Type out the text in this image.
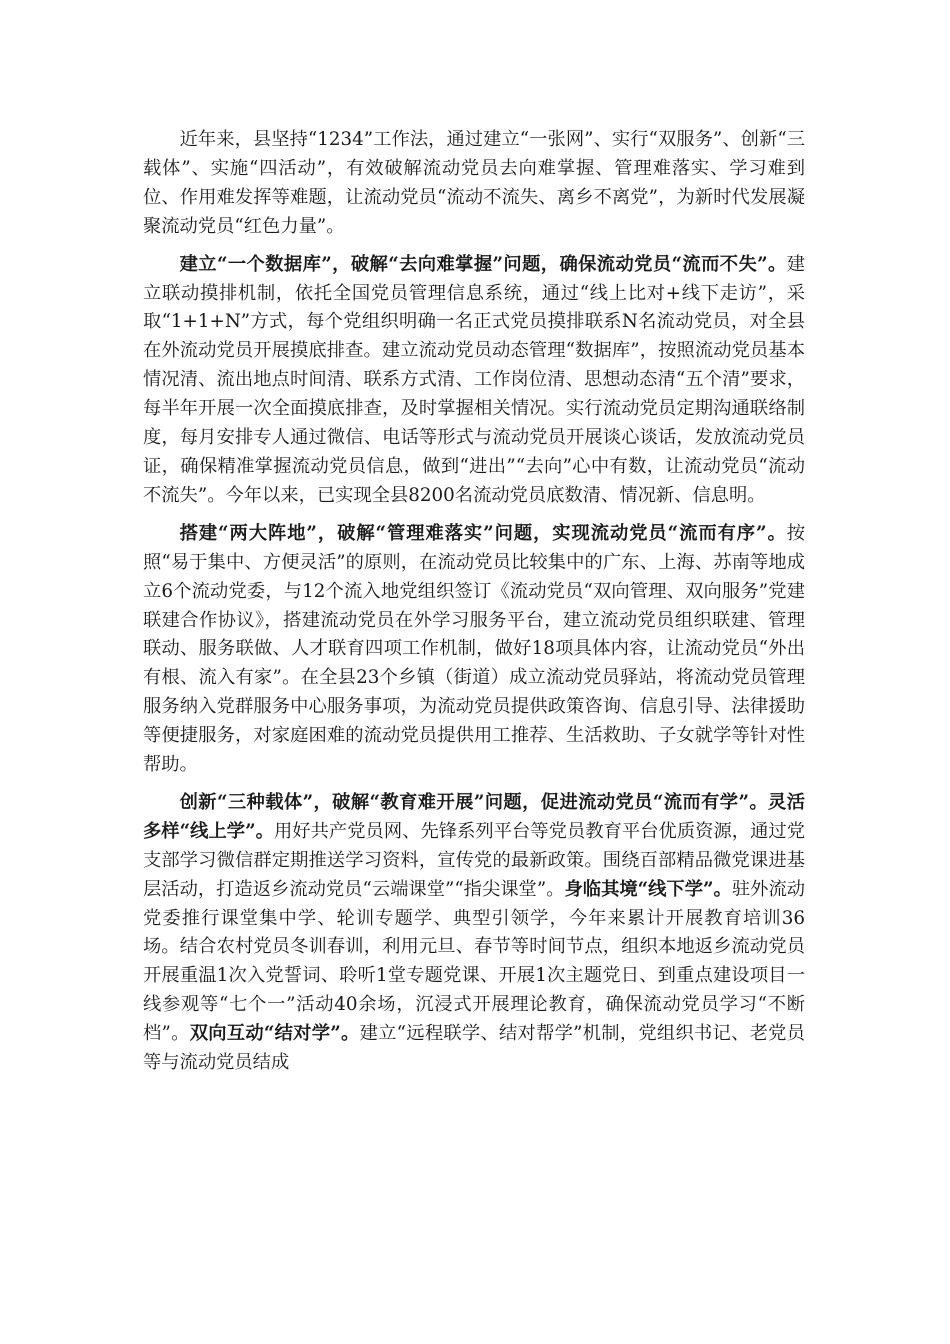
近年来，县坚持“1234”工作法，通过建立“一张网”、实行“双服务”、创新“三载体”、实施“四活动”，有效破解流动党员去向难掌握、管理难落实、学习难到位、作用难发挥等难题，让流动党员“流动不流失、离乡不离党”，为新时代发展凝聚流动党员“红色力量”。

建立“一个数据库”，破解“去向难掌握”问题，确保流动党员“流而不失”。建立联动摸排机制，依托全国党员管理信息系统，通过“线上比对+线下走访”，采取“1+1+N”方式，每个党组织明确一名正式党员摸排联系N名流动党员，对全县在外流动党员开展摸底排查。建立流动党员动态管理“数据库”，按照流动党员基本情况清、流出地点时间清、联系方式清、工作岗位清、思想动态清“五个清”要求，每半年开展一次全面摸底排查，及时掌握相关情况。实行流动党员定期沟通联络制度，每月安排专人通过微信、电话等形式与流动党员开展谈心谈话，发放流动党员证，确保精准掌握流动党员信息，做到“进出”“去向”心中有数，让流动党员“流动不流失”。今年以来，已实现全县8200名流动党员底数清、情况新、信息明。

搭建“两大阵地”，破解“管理难落实”问题，实现流动党员“流而有序”。按照“易于集中、方便灵活”的原则，在流动党员比较集中的广东、上海、苏南等地成立6个流动党委，与12个流入地党组织签订《流动党员“双向管理、双向服务”党建联建合作协议》，搭建流动党员在外学习服务平台，建立流动党员组织联建、管理联动、服务联做、人才联育四项工作机制，做好18项具体内容，让流动党员“外出有根、流入有家”。在全县23个乡镇（街道）成立流动党员驿站，将流动党员管理服务纳入党群服务中心服务事项，为流动党员提供政策咨询、信息引导、法律援助等便捷服务，对家庭困难的流动党员提供用工推荐、生活救助、子女就学等针对性帮助。

创新“三种载体”，破解“教育难开展”问题，促进流动党员“流而有学”。灵活多样“线上学”。用好共产党员网、先锋系列平台等党员教育平台优质资源，通过党支部学习微信群定期推送学习资料，宣传党的最新政策。围绕百部精品微党课进基层活动，打造返乡流动党员“云端课堂”“指尖课堂”。身临其境“线下学”。驻外流动党委推行课堂集中学、轮训专题学、典型引领学，今年来累计开展教育培训36场。结合农村党员冬训春训，利用元旦、春节等时间节点，组织本地返乡流动党员开展重温1次入党誓词、聆听1堂专题党课、开展1次主题党日、到重点建设项目一线参观等“七个一”活动40余场，沉浸式开展理论教育，确保流动党员学习“不断档”。双向互动“结对学”。建立“远程联学、结对帮学”机制，党组织书记、老党员等与流动党员结成
